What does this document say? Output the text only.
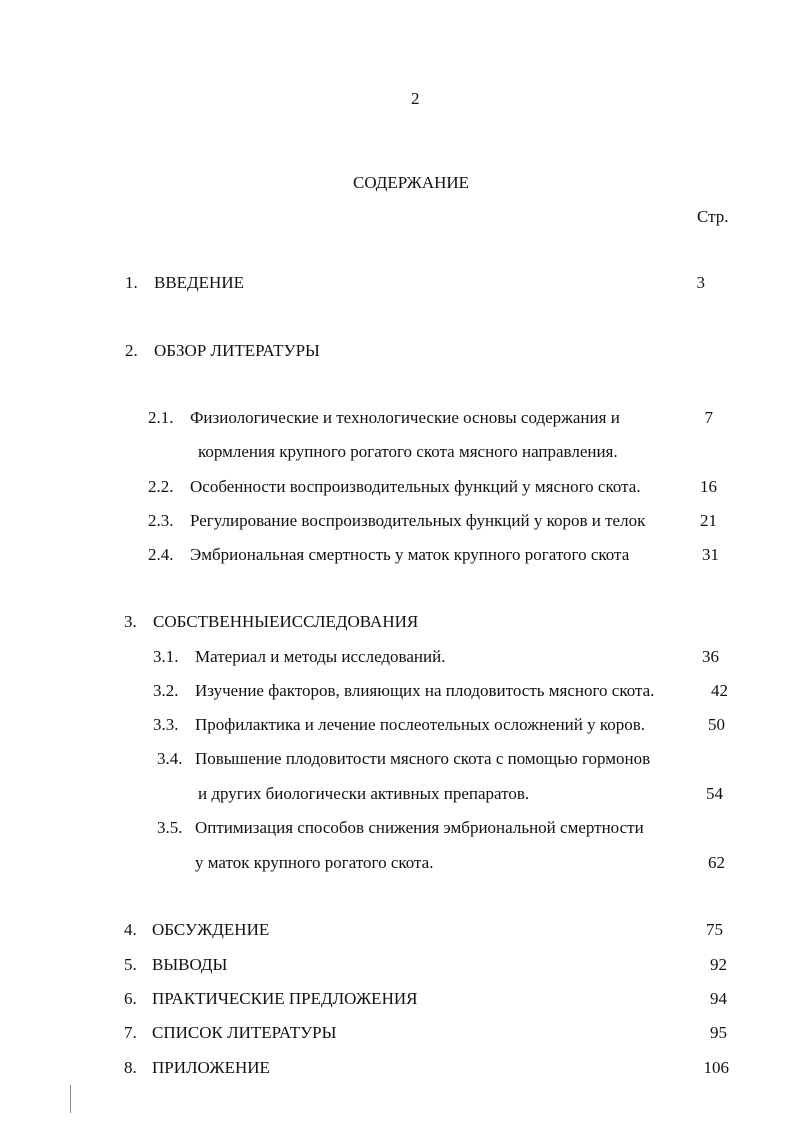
2
СОДЕРЖАНИЕ
Стр.
1. ВВЕДЕНИЕ	3
2. ОБЗОР ЛИТЕРАТУРЫ
2.1. Физиологические и технологические основы содержания и	7
кормления крупного рогатого скота мясного направления.
2.2. Особенности воспроизводительных функций у мясного скота.	16
2.3. Регулирование воспроизводительных функций у коров и телок	21
2.4. Эмбриональная смертность у маток крупного рогатого скота	31
3. СОБСТВЕННЫЕИССЛЕДОВАНИЯ
3.1. Материал и методы исследований.	36
3.2. Изучение факторов, влияющих на плодовитость мясного скота.	42
3.3. Профилактика и лечение послеотельных осложнений у коров.	50
3.4. Повышение плодовитости мясного скота с помощью гормонов
и других биологически активных препаратов.	54
3.5. Оптимизация способов снижения эмбриональной смертности
у маток крупного рогатого скота.	62
4. ОБСУЖДЕНИЕ	75
5. ВЫВОДЫ	92
6. ПРАКТИЧЕСКИЕ ПРЕДЛОЖЕНИЯ	94
7. СПИСОК ЛИТЕРАТУРЫ	95
8. ПРИЛОЖЕНИЕ	106
